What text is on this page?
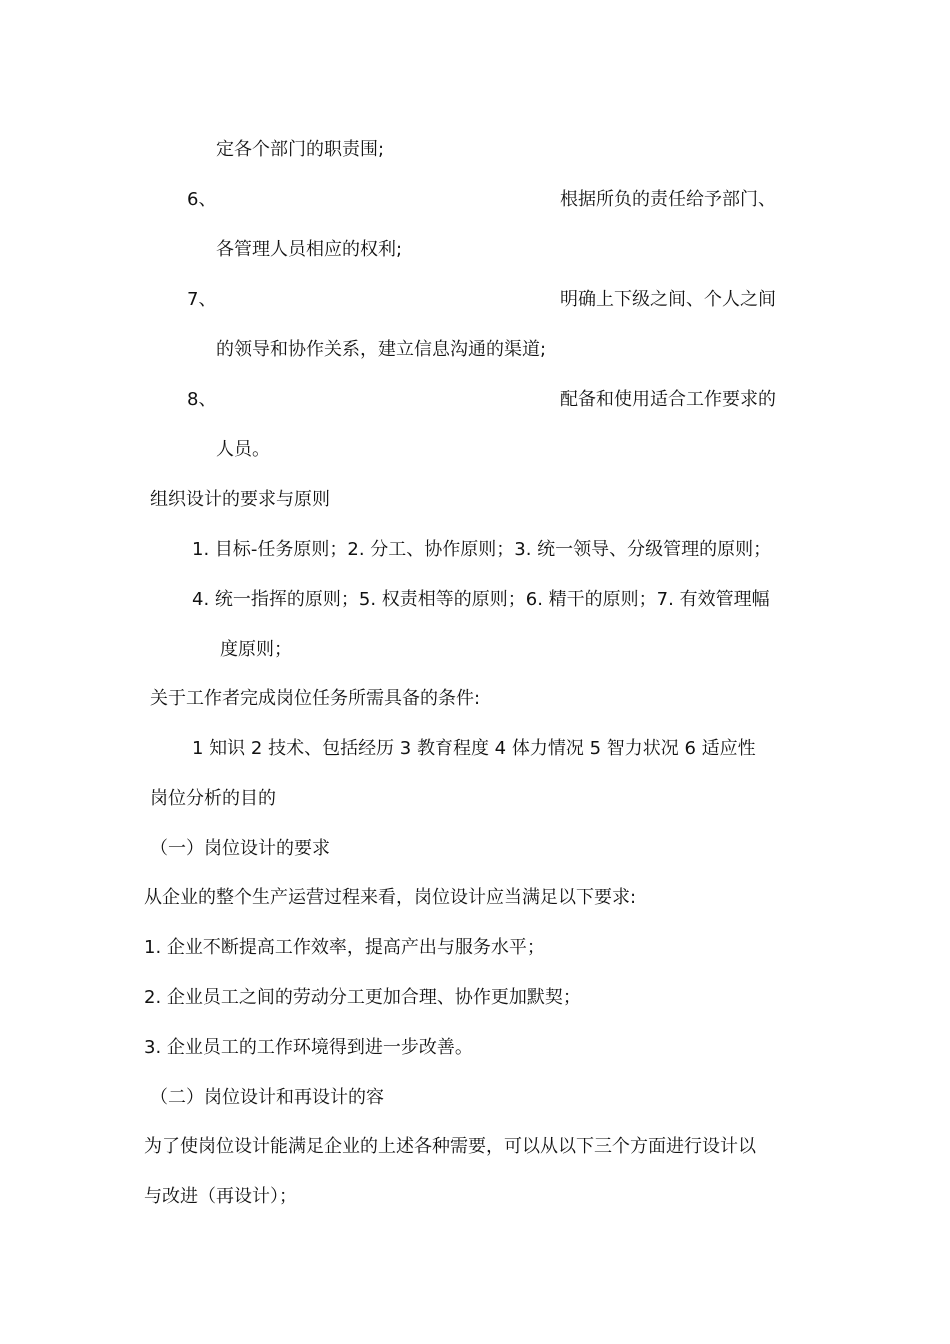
定各个部门的职责围;
6、	根据所负的责任给予部门、
各管理人员相应的权利;
7、	明确上下级之间、个人之间
的领导和协作关系，建立信息沟通的渠道;
8、	配备和使用适合工作要求的
人员。
组织设计的要求与原则
1. 目标-任务原则；2. 分工、协作原则；3. 统一领导、分级管理的原则；
4. 统一指挥的原则；5. 权责相等的原则；6. 精干的原则；7. 有效管理幅
度原则；
关于工作者完成岗位任务所需具备的条件:
1 知识 2 技术、包括经历 3 教育程度 4 体力情况 5 智力状况 6 适应性
岗位分析的目的
（一）岗位设计的要求
从企业的整个生产运营过程来看，岗位设计应当满足以下要求:
1. 企业不断提高工作效率，提高产出与服务水平；
2. 企业员工之间的劳动分工更加合理、协作更加默契；
3. 企业员工的工作环境得到进一步改善。
（二）岗位设计和再设计的容
为了使岗位设计能满足企业的上述各种需要，可以从以下三个方面进行设计以
与改进（再设计）；
